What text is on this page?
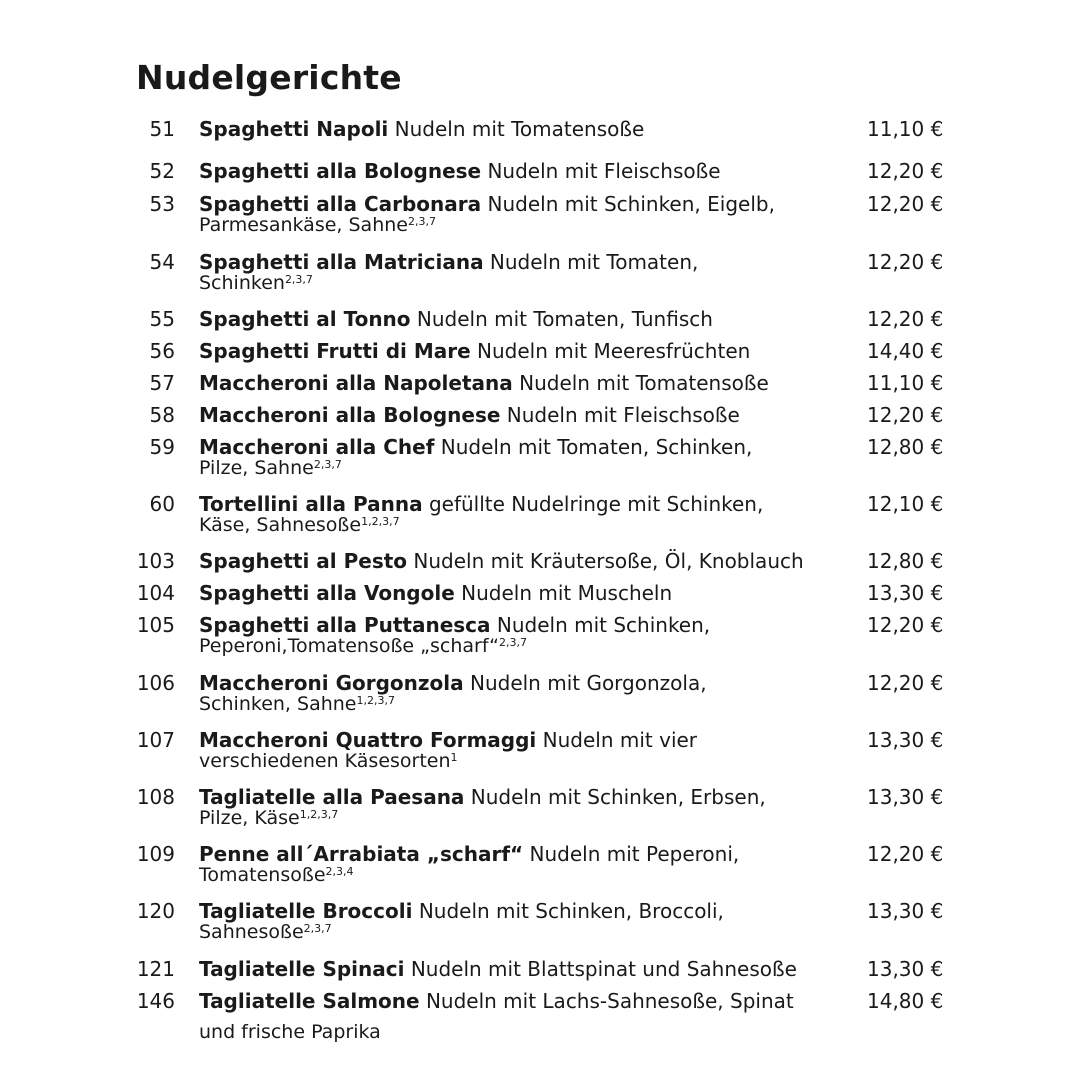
Nudelgerichte
51 Spaghetti Napoli Nudeln mit Tomatensoße	11,10 €
52 Spaghetti alla Bolognese Nudeln mit Fleischsoße	12,20 €
53 Spaghetti alla Carbonara Nudeln mit Schinken, Eigelb,
Parmesankäse, Sahne$^{2,3,7}$
12,20 €
54 Spaghetti alla Matriciana Nudeln mit Tomaten,
Schinken$^{2,3,7}$
12,20 €
55 Spaghetti al Tonno Nudeln mit Tomaten, Tunfisch	12,20 €
56 Spaghetti Frutti di Mare Nudeln mit Meeresfrüchten	14,40 €
57 Maccheroni alla Napoletana Nudeln mit Tomatensoße	11,10 €
58 Maccheroni alla Bolognese Nudeln mit Fleischsoße	12,20 €
59 Maccheroni alla Chef Nudeln mit Tomaten, Schinken,
Pilze, Sahne$^{2,3,7}$
12,80 €
60 Tortellini alla Panna gefüllte Nudelringe mit Schinken,
Käse, Sahnesoße$^{1,2,3,7}$
12,10 €
103 Spaghetti al Pesto Nudeln mit Kräutersoße, Öl, Knoblauch	12,80 €
104 Spaghetti alla Vongole Nudeln mit Muscheln	13,30 €
105 Spaghetti alla Puttanesca Nudeln mit Schinken,
Peperoni,Tomatensoße „scharf“$^{2,3,7}$
12,20 €
106 Maccheroni Gorgonzola Nudeln mit Gorgonzola,
Schinken, Sahne$^{1,2,3,7}$
12,20 €
107 Maccheroni Quattro Formaggi Nudeln mit vier
verschiedenen Käsesorten$^1$
13,30 €
108 Tagliatelle alla Paesana Nudeln mit Schinken, Erbsen,
Pilze, Käse$^{1,2,3,7}$
13,30 €
109 Penne all´Arrabiata „scharf“ Nudeln mit Peperoni,
Tomatensoße$^{2,3,4}$
12,20 €
120 Tagliatelle Broccoli Nudeln mit Schinken, Broccoli,
Sahnesoße$^{2,3,7}$
13,30 €
121 Tagliatelle Spinaci Nudeln mit Blattspinat und Sahnesoße	13,30 €
146 Tagliatelle Salmone Nudeln mit Lachs-Sahnesoße, Spinat
und frische Paprika
14,80 €
